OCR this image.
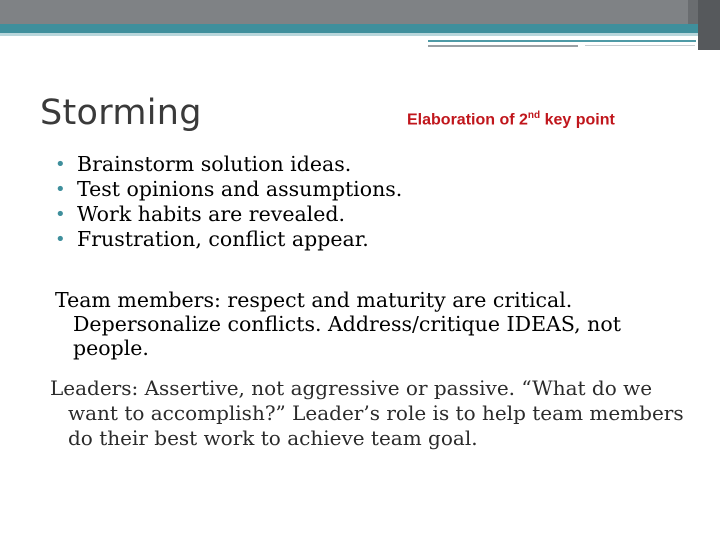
Storming	Elaboration of 2nd key point
• Brainstorm solution ideas.
• Test opinions and assumptions.
• Work habits are revealed.
• Frustration, conflict appear.
Team members: respect and maturity are critical.
Depersonalize conflicts. Address/critique IDEAS, not people.
Leaders: Assertive, not aggressive or passive. “What do we
want to accomplish?” Leader’s role is to help team members do their best work to achieve team goal.
